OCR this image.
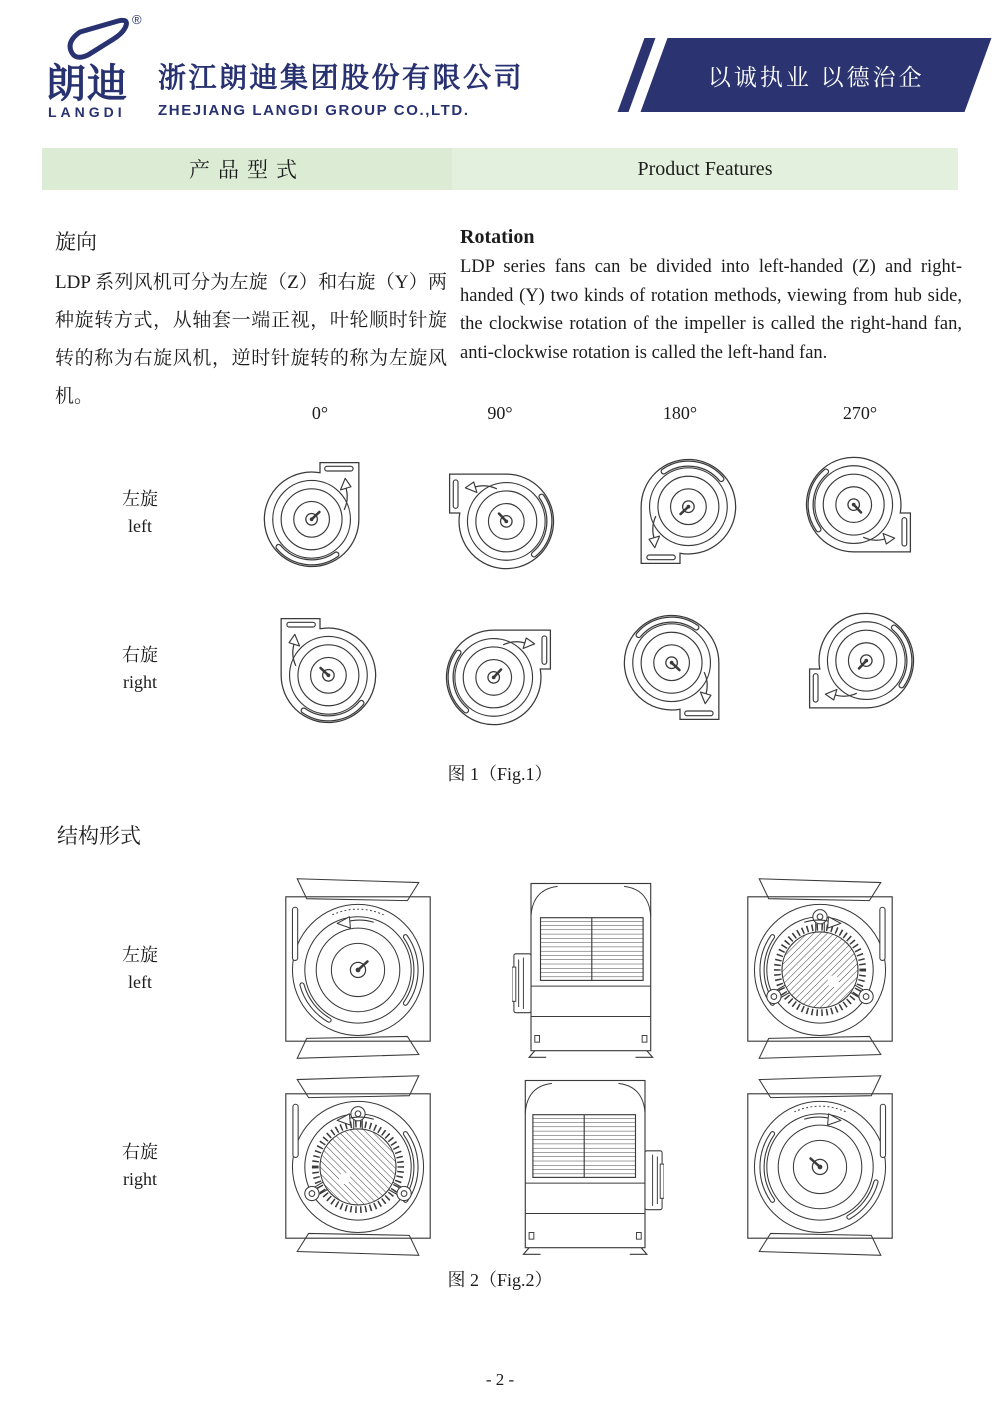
®
朗迪
LANGDI
浙江朗迪集团股份有限公司
ZHEJIANG LANGDI GROUP CO.,LTD.
以诚执业 以德治企
产品型式	Product Features
旋向

LDP 系列风机可分为左旋（Z）和右旋（Y）两种旋转方式，从轴套一端正视，叶轮顺时针旋转的称为右旋风机，逆时针旋转的称为左旋风机。

Rotation

LDP series fans can be divided into left-handed (Z) and right-handed (Y) two kinds of rotation methods, viewing from hub side, the clockwise rotation of the impeller is called the right-hand fan, anti-clockwise rotation is called the left-hand fan.

0°	90°	180°	270°
左旋
left
右旋
right
图 1（Fig.1）
结构形式
左旋
left
右旋
right
图 2（Fig.2）
- 2 -
